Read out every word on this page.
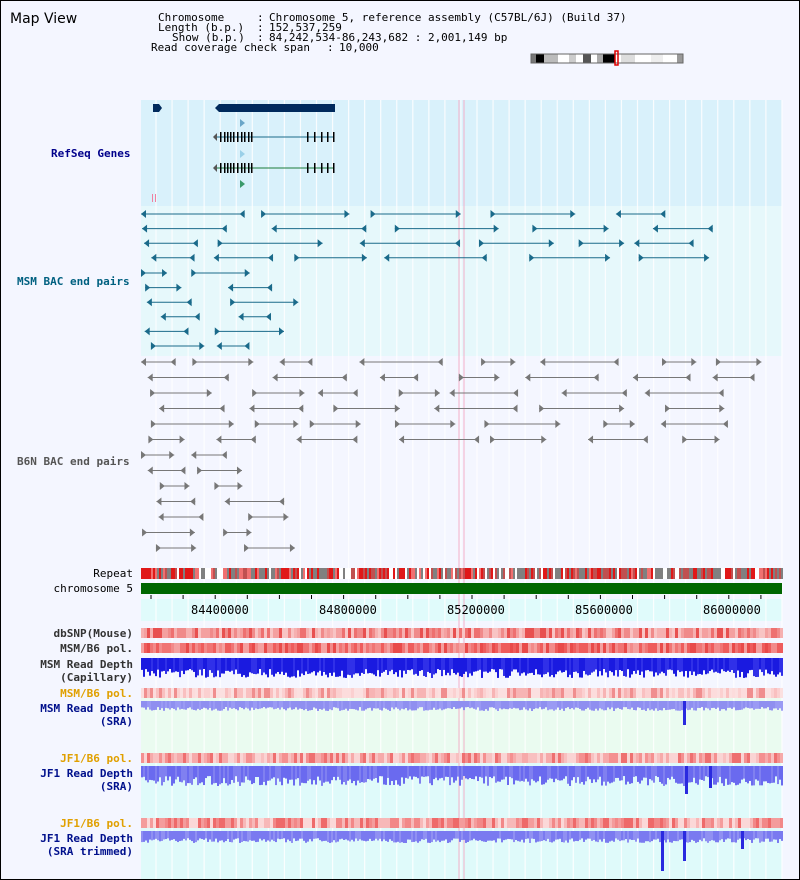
Map View	Chromosome	:
Chromosome 5, reference assembly (C57BL/6J) (Build 37)
Length (b.p.) :
152,537,259
Show (b.p.) :
84,242,534-86,243,682 : 2,001,149 bp
Read coverage check span :
10,000
RefSeq Genes
MSM BAC end pairs
B6N BAC end pairs
Repeat
chromosome 5
dbSNP(Mouse)
MSM/B6 pol.
MSM Read Depth
(Capillary)
MSM/B6 pol.
MSM Read Depth
(SRA)
JF1/B6 pol.
JF1 Read Depth
(SRA)
JF1/B6 pol.
JF1 Read Depth
(SRA trimmed)
84400000	84800000	85200000	85600000	86000000
